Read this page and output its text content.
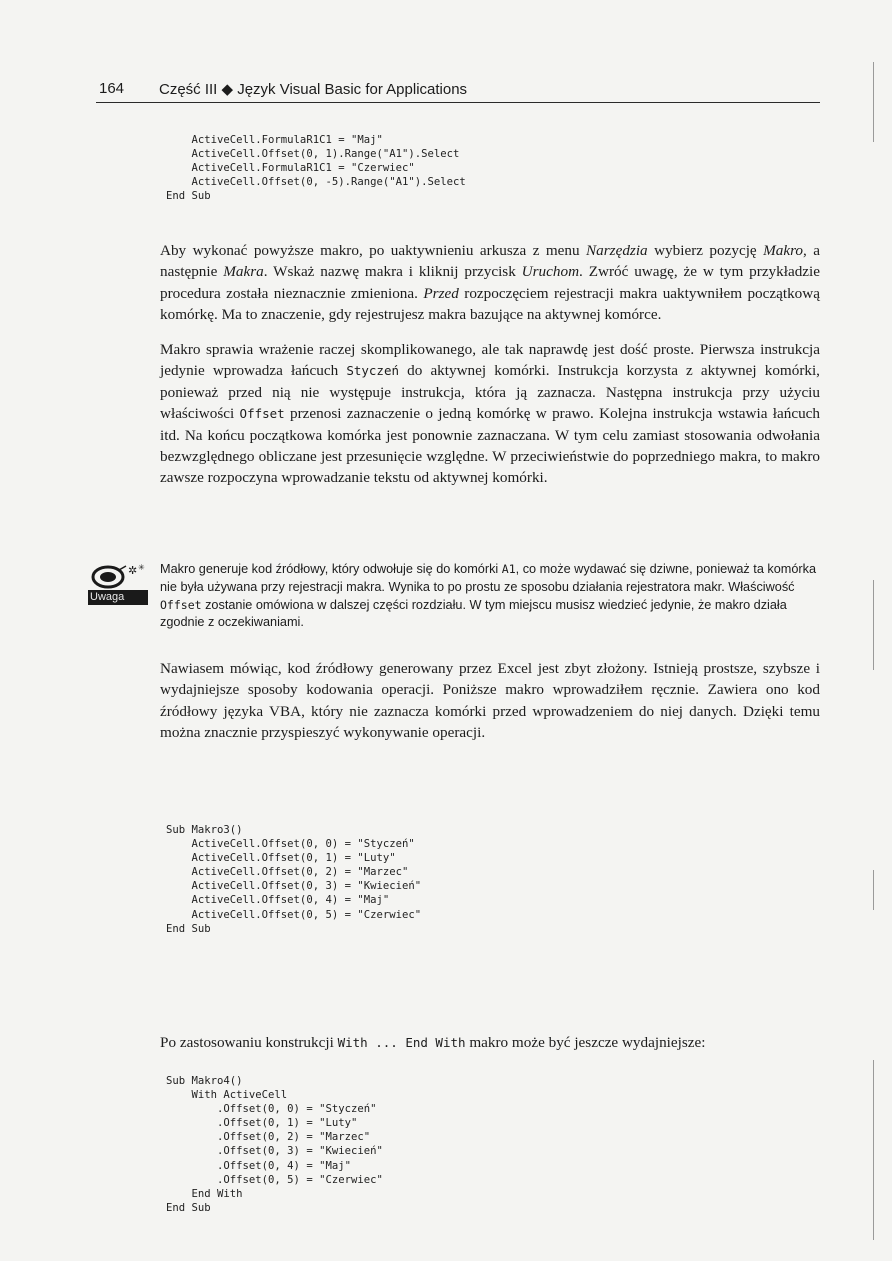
164 Część III ◆ Język Visual Basic for Applications
ActiveCell.FormulaR1C1 = "Maj"
ActiveCell.Offset(0, 1).Range("A1").Select
ActiveCell.FormulaR1C1 = "Czerwiec"
ActiveCell.Offset(0, -5).Range("A1").Select
End Sub

Aby wykonać powyższe makro, po uaktywnieniu arkusza z menu Narzędzia wybierz pozycję Makro, a następnie Makra. Wskaż nazwę makra i kliknij przycisk Uruchom. Zwróć uwagę, że w tym przykładzie procedura została nieznacznie zmieniona. Przed rozpoczęciem rejestracji makra uaktywniłem początkową komórkę. Ma to znaczenie, gdy rejestrujesz makra bazujące na aktywnej komórce.

Makro sprawia wrażenie raczej skomplikowanego, ale tak naprawdę jest dość proste. Pierwsza instrukcja jedynie wprowadza łańcuch Styczeń do aktywnej komórki. Instrukcja korzysta z aktywnej komórki, ponieważ przed nią nie występuje instrukcja, która ją zaznacza. Następna instrukcja przy użyciu właściwości Offset przenosi zaznaczenie o jedną komórkę w prawo. Kolejna instrukcja wstawia łańcuch itd. Na końcu początkowa komórka jest ponownie zaznaczana. W tym celu zamiast stosowania odwołania bezwzględnego obliczane jest przesunięcie względne. W przeciwieństwie do poprzedniego makra, to makro zawsze rozpoczyna wprowadzanie tekstu od aktywnej komórki.

✲ ✳
Uwaga

Makro generuje kod źródłowy, który odwołuje się do komórki A1, co może wydawać się dziwne, ponieważ ta komórka nie była używana przy rejestracji makra. Wynika to po prostu ze sposobu działania rejestratora makr. Właściwość Offset zostanie omówiona w dalszej części rozdziału. W tym miejscu musisz wiedzieć jedynie, że makro działa zgodnie z oczekiwaniami.

Nawiasem mówiąc, kod źródłowy generowany przez Excel jest zbyt złożony. Istnieją prostsze, szybsze i wydajniejsze sposoby kodowania operacji. Poniższe makro wprowadziłem ręcznie. Zawiera ono kod źródłowy języka VBA, który nie zaznacza komórki przed wprowadzeniem do niej danych. Dzięki temu można znacznie przyspieszyć wykonywanie operacji.

Sub Makro3()
ActiveCell.Offset(0, 0) = "Styczeń"
ActiveCell.Offset(0, 1) = "Luty"
ActiveCell.Offset(0, 2) = "Marzec"
ActiveCell.Offset(0, 3) = "Kwiecień"
ActiveCell.Offset(0, 4) = "Maj"
ActiveCell.Offset(0, 5) = "Czerwiec"
End Sub

Po zastosowaniu konstrukcji With ... End With makro może być jeszcze wydajniejsze:

Sub Makro4()
With ActiveCell
.Offset(0, 0) = "Styczeń"
.Offset(0, 1) = "Luty"
.Offset(0, 2) = "Marzec"
.Offset(0, 3) = "Kwiecień"
.Offset(0, 4) = "Maj"
.Offset(0, 5) = "Czerwiec"
End With
End Sub
